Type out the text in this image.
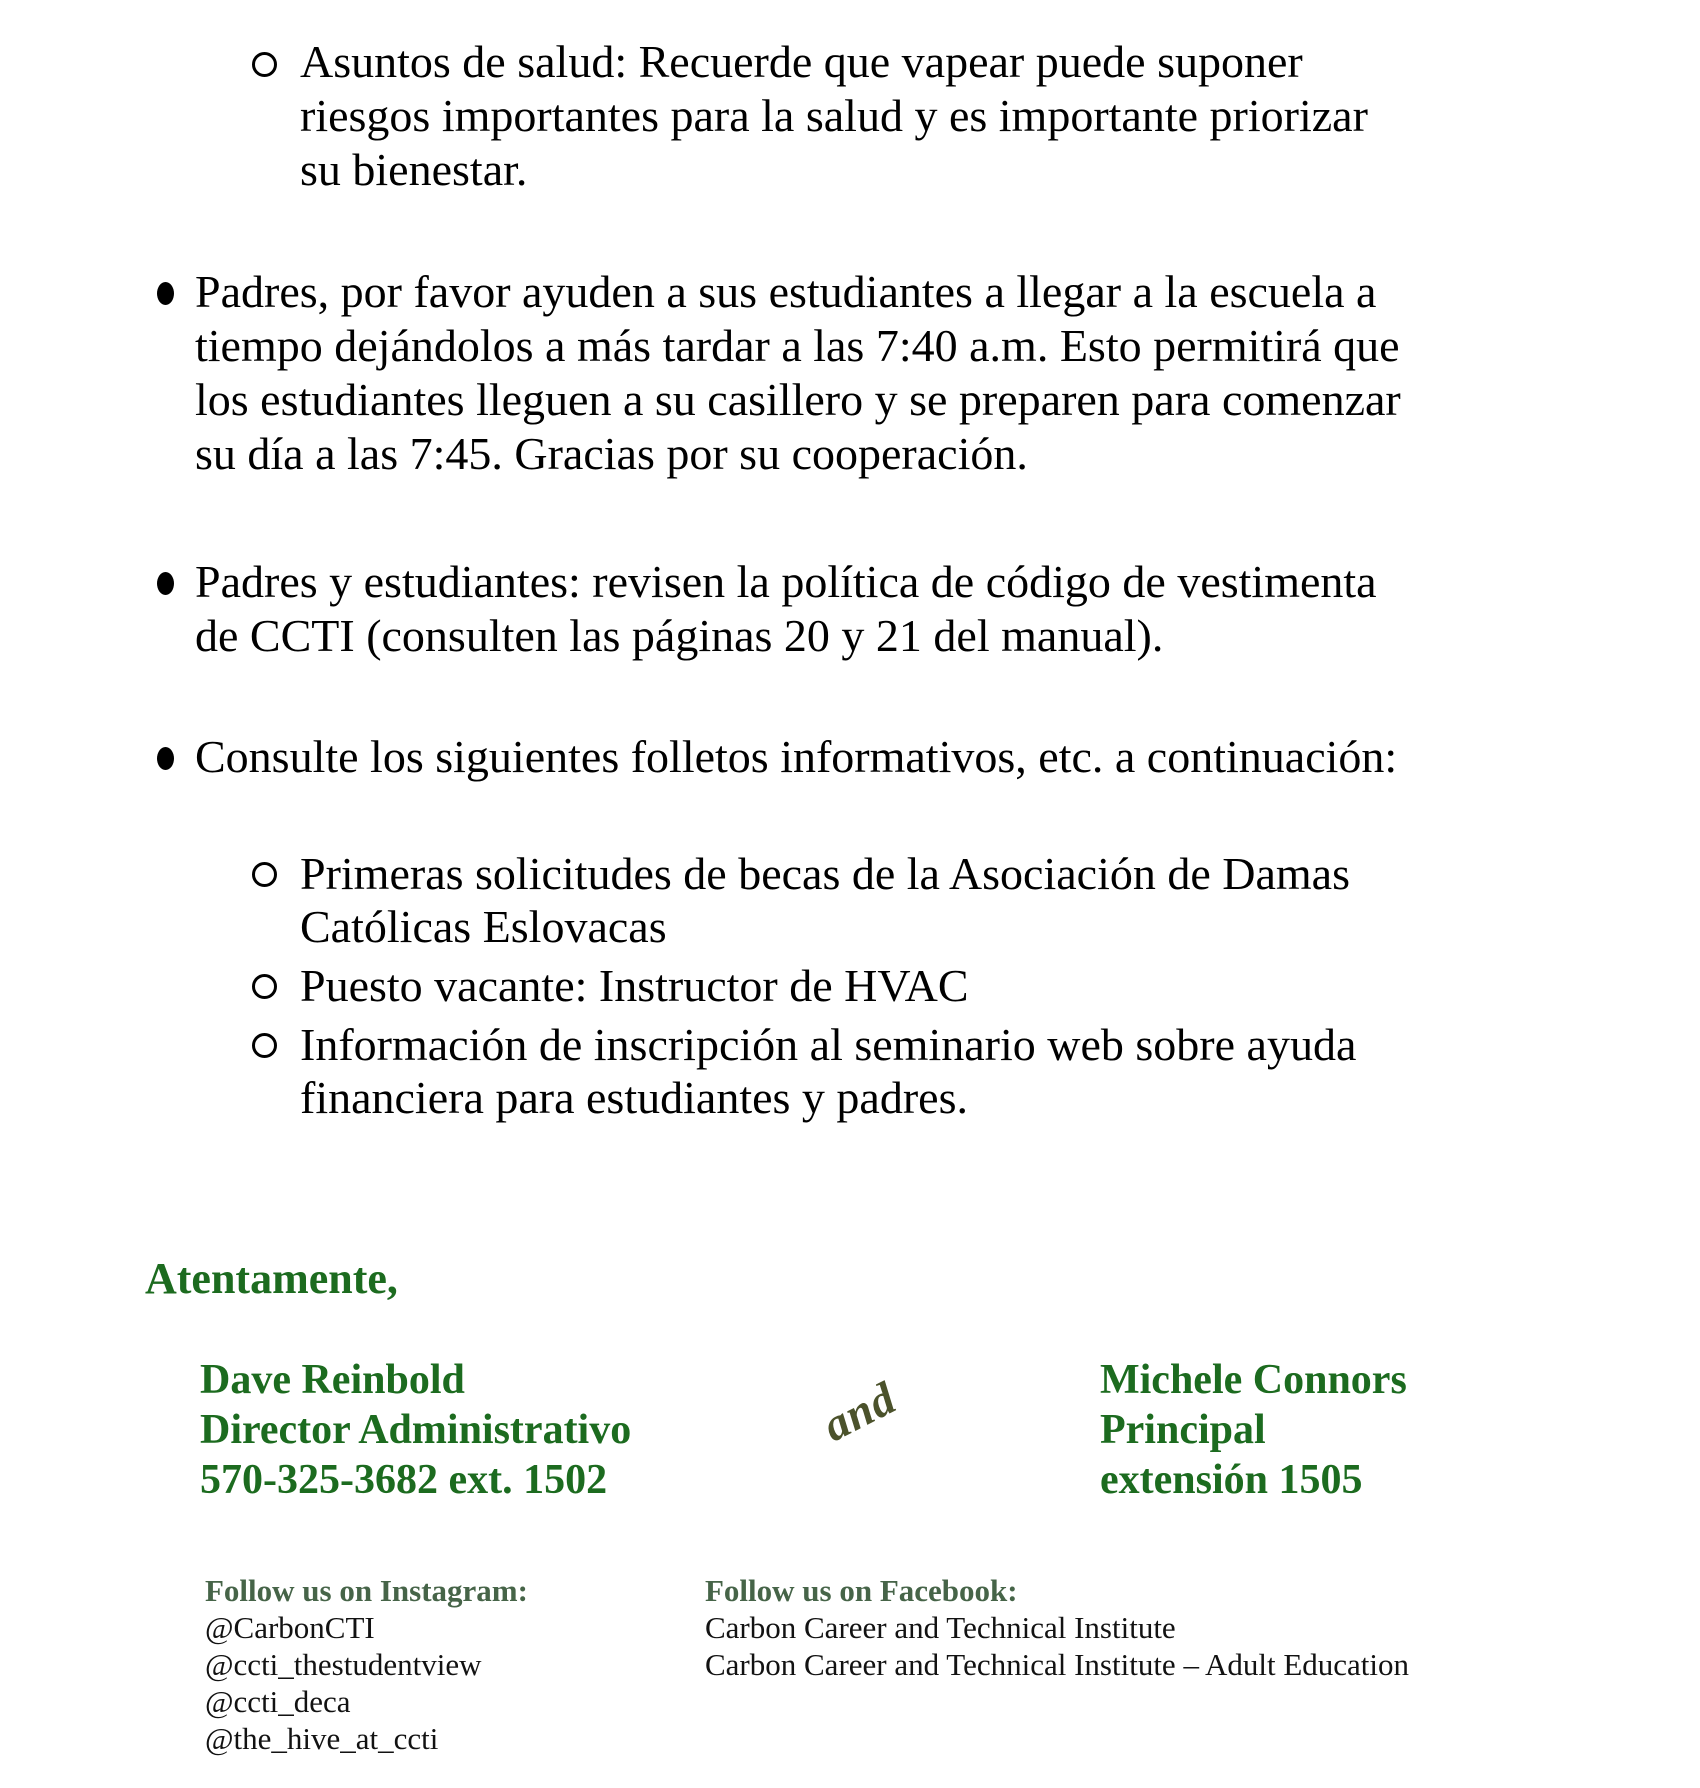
Asuntos de salud: Recuerde que vapear puede suponer
riesgos importantes para la salud y es importante priorizar
su bienestar.
Padres, por favor ayuden a sus estudiantes a llegar a la escuela a
tiempo dejándolos a más tardar a las 7:40 a.m. Esto permitirá que
los estudiantes lleguen a su casillero y se preparen para comenzar
su día a las 7:45. Gracias por su cooperación.
Padres y estudiantes: revisen la política de código de vestimenta
de CCTI (consulten las páginas 20 y 21 del manual).
Consulte los siguientes folletos informativos, etc. a continuación:
Primeras solicitudes de becas de la Asociación de Damas
Católicas Eslovacas
Puesto vacante: Instructor de HVAC
Información de inscripción al seminario web sobre ayuda
financiera para estudiantes y padres.
Atentamente,
Dave Reinbold
Director Administrativo
570-325-3682 ext. 1502
and	Michele Connors
Principal
extensión 1505
Follow us on Instagram:
@CarbonCTI
@ccti_thestudentview
@ccti_deca
@the_hive_at_ccti
Follow us on Facebook:
Carbon Career and Technical Institute
Carbon Career and Technical Institute – Adult Education
